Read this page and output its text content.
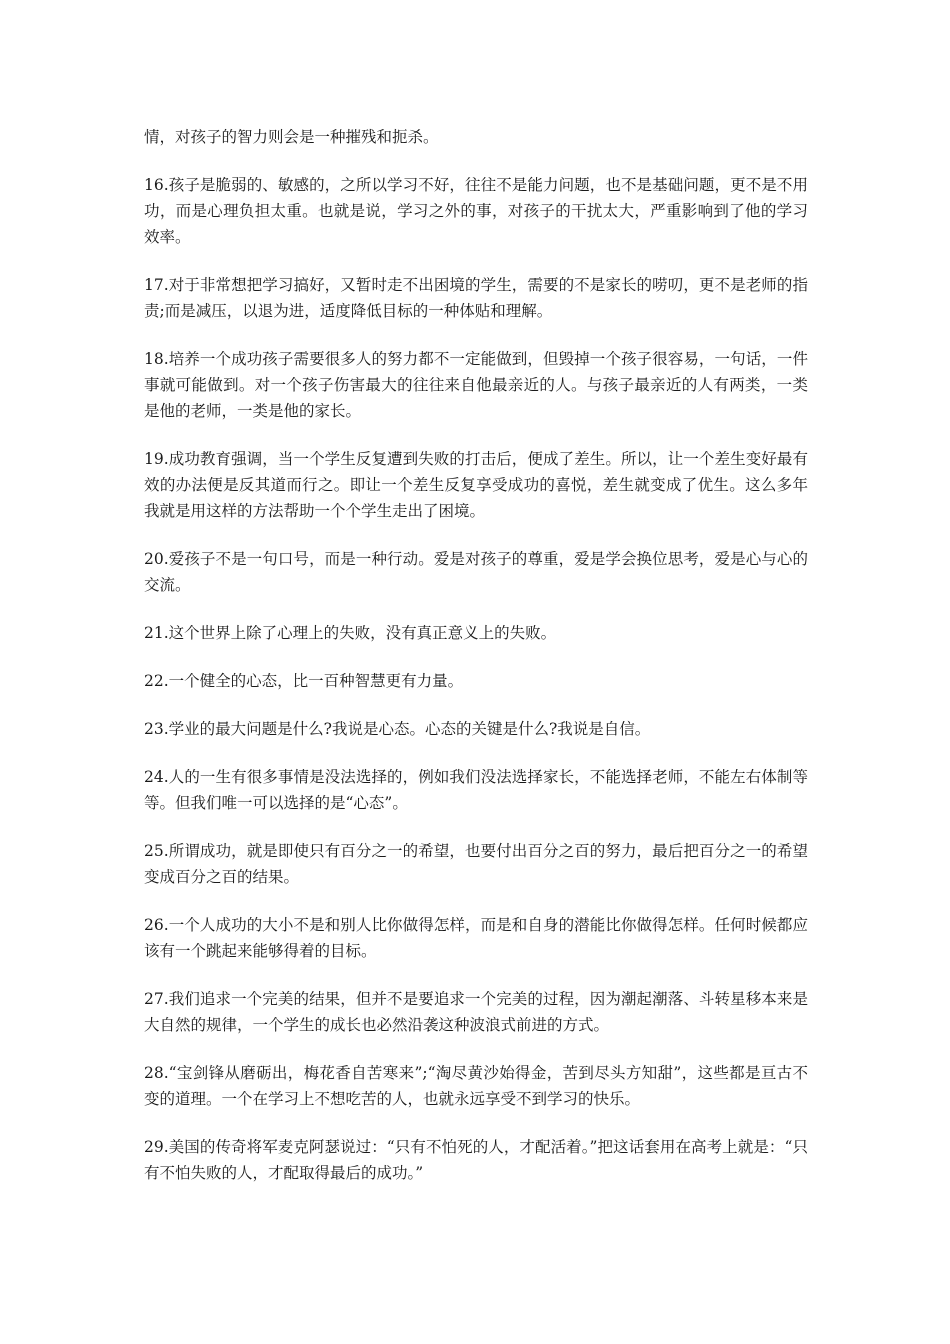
情，对孩子的智力则会是一种摧残和扼杀。

16.孩子是脆弱的、敏感的，之所以学习不好，往往不是能力问题，也不是基础问题，更不是不用功，而是心理负担太重。也就是说，学习之外的事，对孩子的干扰太大，严重影响到了他的学习效率。

17.对于非常想把学习搞好，又暂时走不出困境的学生，需要的不是家长的唠叨，更不是老师的指责;而是减压，以退为进，适度降低目标的一种体贴和理解。

18.培养一个成功孩子需要很多人的努力都不一定能做到，但毁掉一个孩子很容易，一句话，一件事就可能做到。对一个孩子伤害最大的往往来自他最亲近的人。与孩子最亲近的人有两类，一类是他的老师，一类是他的家长。

19.成功教育强调，当一个学生反复遭到失败的打击后，便成了差生。所以，让一个差生变好最有效的办法便是反其道而行之。即让一个差生反复享受成功的喜悦，差生就变成了优生。这么多年我就是用这样的方法帮助一个个学生走出了困境。

20.爱孩子不是一句口号，而是一种行动。爱是对孩子的尊重，爱是学会换位思考，爱是心与心的交流。

21.这个世界上除了心理上的失败，没有真正意义上的失败。

22.一个健全的心态，比一百种智慧更有力量。

23.学业的最大问题是什么?我说是心态。心态的关键是什么?我说是自信。

24.人的一生有很多事情是没法选择的，例如我们没法选择家长，不能选择老师，不能左右体制等等。但我们唯一可以选择的是“心态”。

25.所谓成功，就是即使只有百分之一的希望，也要付出百分之百的努力，最后把百分之一的希望变成百分之百的结果。

26.一个人成功的大小不是和别人比你做得怎样，而是和自身的潜能比你做得怎样。任何时候都应该有一个跳起来能够得着的目标。

27.我们追求一个完美的结果，但并不是要追求一个完美的过程，因为潮起潮落、斗转星移本来是大自然的规律，一个学生的成长也必然沿袭这种波浪式前进的方式。

28.“宝剑锋从磨砺出，梅花香自苦寒来”;“淘尽黄沙始得金，苦到尽头方知甜”，这些都是亘古不变的道理。一个在学习上不想吃苦的人，也就永远享受不到学习的快乐。

29.美国的传奇将军麦克阿瑟说过：“只有不怕死的人，才配活着。”把这话套用在高考上就是：“只有不怕失败的人，才配取得最后的成功。”
